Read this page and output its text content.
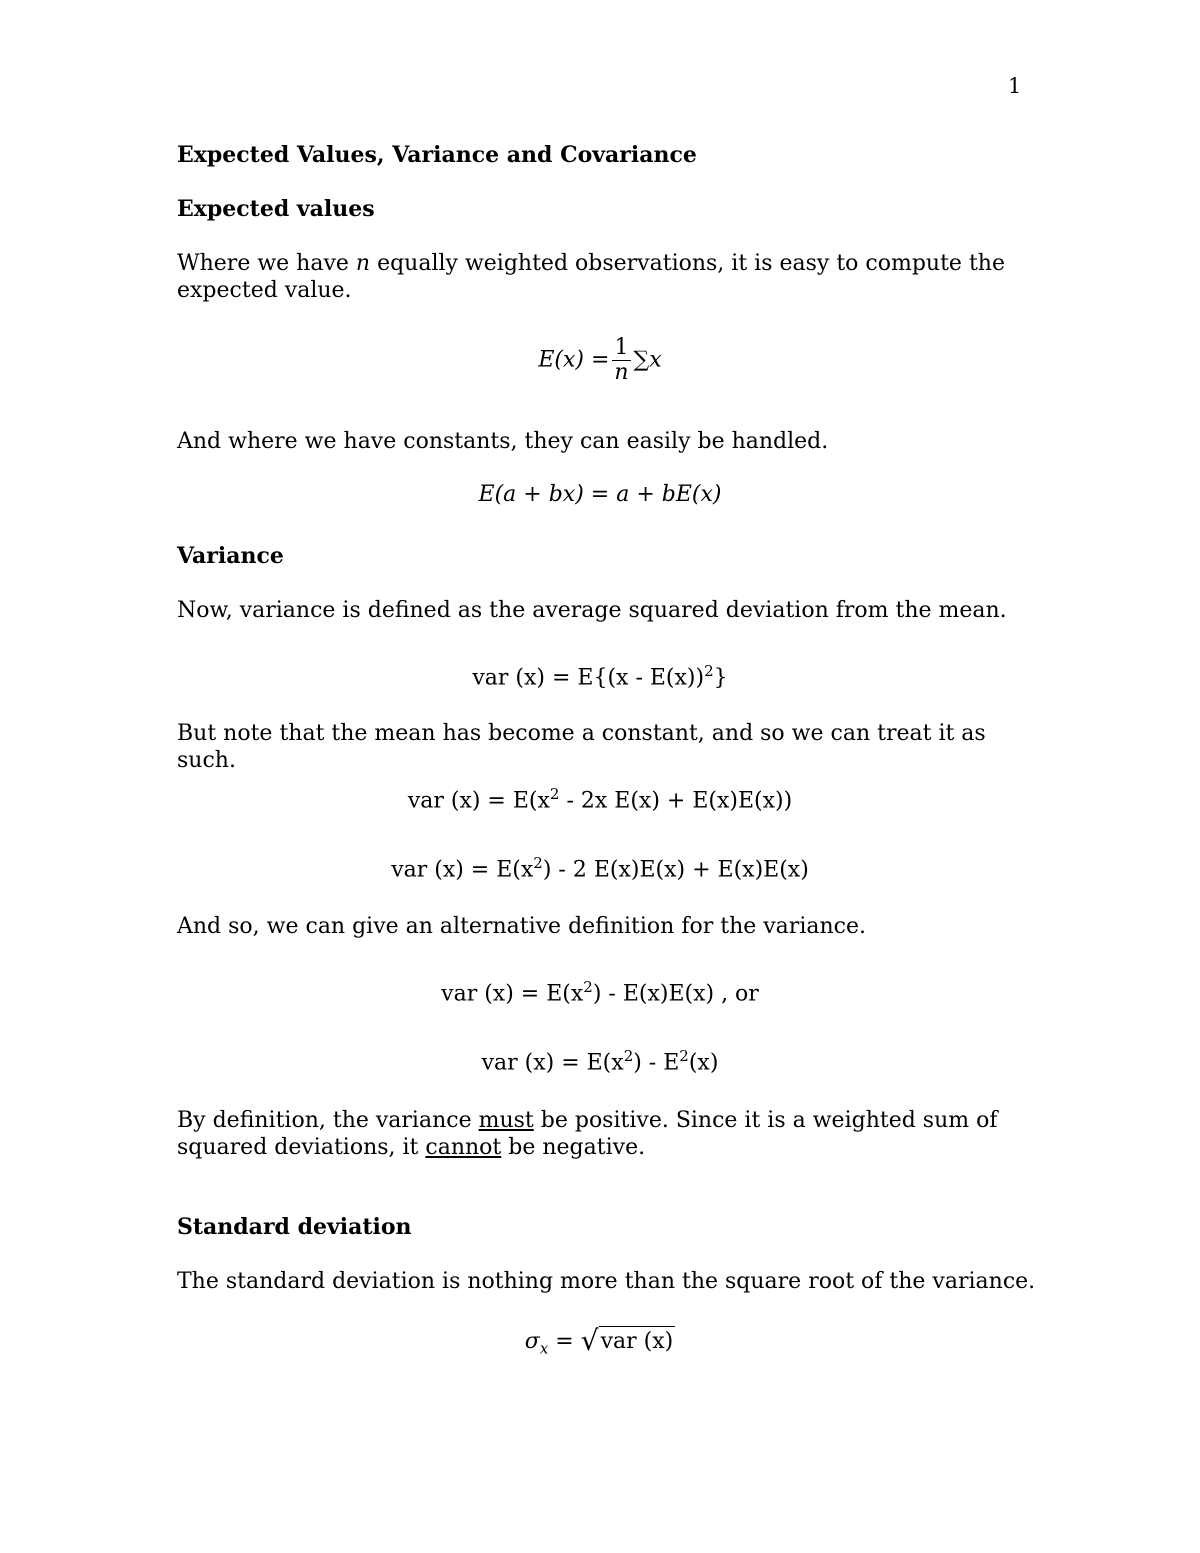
1
Expected Values, Variance and Covariance
Expected values
Where we have n equally weighted observations, it is easy to compute the expected value.
$E(x) = \frac{1}{n} \sum x$
And where we have constants, they can easily be handled.
E(a + bx) = a + bE(x)
Variance
Now, variance is defined as the average squared deviation from the mean.
var (x) = E{(x - E(x))$^2$}
But note that the mean has become a constant, and so we can treat it as such.
var $(x) = E(x^2 - 2x$ E(x) + E(x)E(x))
var $(x) = E(x^2) - 2$ E(x)E(x) + E(x)E(x)
And so, we can give an alternative definition for the variance.
var $(x) = E(x^2) - E(x)E(x)$ , or
var $(x) = E(x^2) - E^2(x)$
By definition, the variance must be positive. Since it is a weighted sum of squared deviations, it cannot be negative.
Standard deviation
The standard deviation is nothing more than the square root of the variance.
$\sigma_x = √var$ (x)
